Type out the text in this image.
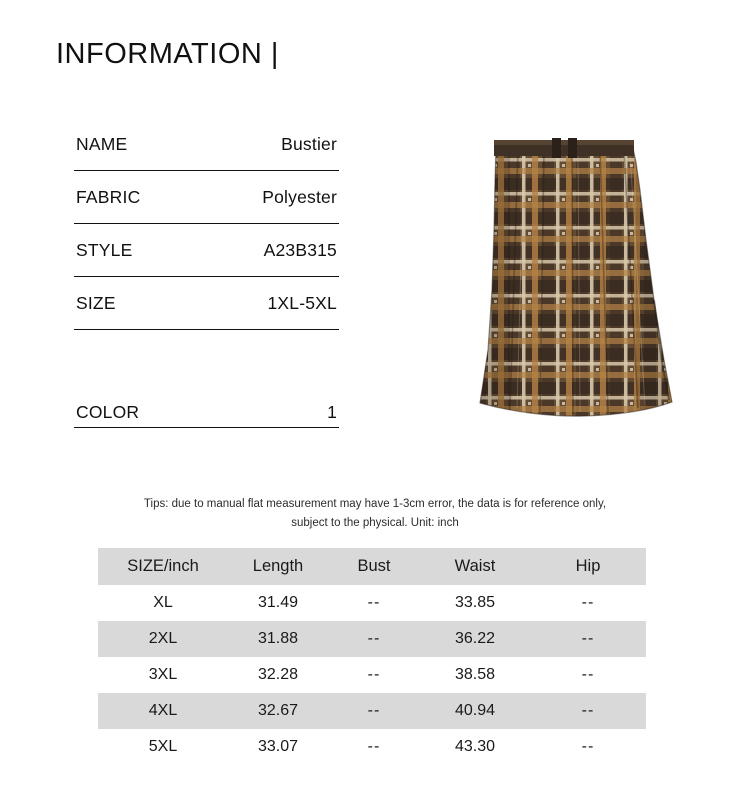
INFORMATION |
NAME	Bustier
FABRIC	Polyester
STYLE	A23B315
SIZE	1XL-5XL
COLOR	1
Tips: due to manual flat measurement may have 1-3cm error, the data is for reference only,
subject to the physical. Unit: inch
SIZE/inch	Length	Bust	Waist	Hip
XL	31.49	--	33.85	--
2XL	31.88	--	36.22	--
3XL	32.28	--	38.58	--
4XL	32.67	--	40.94	--
5XL	33.07	--	43.30	--
